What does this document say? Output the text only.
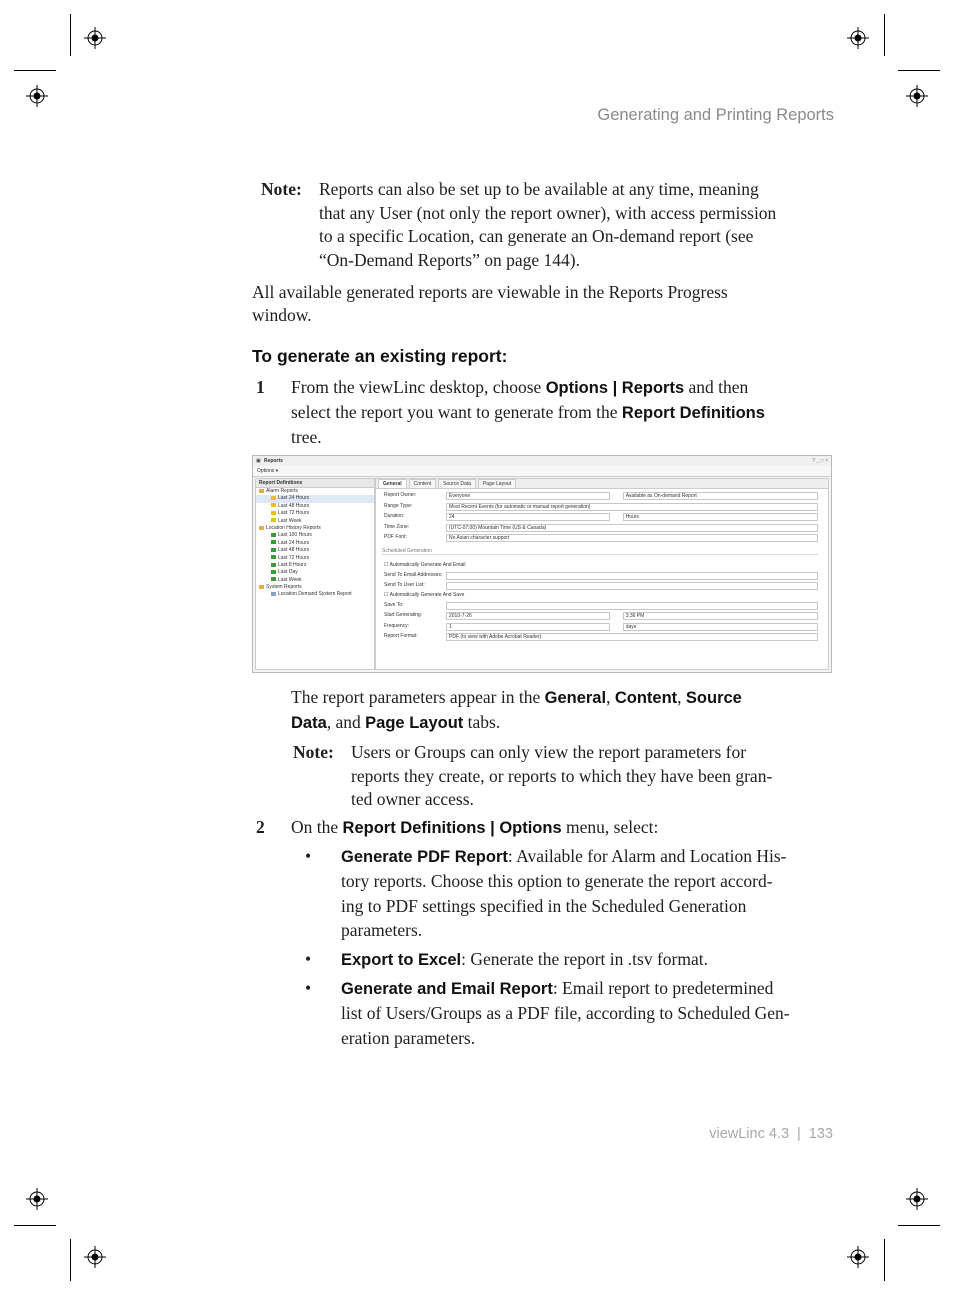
Generating and Printing Reports
Note: Reports can also be set up to be available at any time, meaning
that any User (not only the report owner), with access permission
to a specific Location, can generate an On-demand report (see
“On-Demand Reports” on page 144).
All available generated reports are viewable in the Reports Progress
window.
To generate an existing report:
1 From the viewLinc desktop, choose Options | Reports and then
select the report you want to generate from the Report Definitions
tree.
▣ Reports	? _ □ ×
Options ▾
Report Definitions
Alarm Reports
Last 24 Hours
Last 48 Hours
Last 72 Hours
Last Week
Location History Reports
Last 100 Hours
Last 24 Hours
Last 48 Hours
Last 72 Hours
Last 8 Hours
Last Day
Last Week
System Reports
Location Demand System Report
General Content Source Data Page Layout
Report Owner:	Everyone	Available as On-demand Report
Range Type:	Most Recent Events (for automatic or manual report generation)
Duration:	24	Hours
Time Zone:	(UTC-07:00) Mountain Time (US & Canada)
PDF Font:	No Asian character support
Scheduled Generation
☐ Automatically Generate And Email
Send To Email Addresses:
Send To User List:
☐ Automatically Generate And Save
Save To:
Start Generating:	2010-7-26	3:36 PM
Frequency:	1	days
Report Format:	PDF (to view with Adobe Acrobat Reader)
The report parameters appear in the General, Content, Source
Data, and Page Layout tabs.
Note: Users or Groups can only view the report parameters for
reports they create, or reports to which they have been gran-
ted owner access.
2 On the Report Definitions | Options menu, select:
• Generate PDF Report: Available for Alarm and Location His-
tory reports. Choose this option to generate the report accord-
ing to PDF settings specified in the Scheduled Generation
parameters.
• Export to Excel: Generate the report in .tsv format.
• Generate and Email Report: Email report to predetermined
list of Users/Groups as a PDF file, according to Scheduled Gen-
eration parameters.
viewLinc 4.3 | 133
